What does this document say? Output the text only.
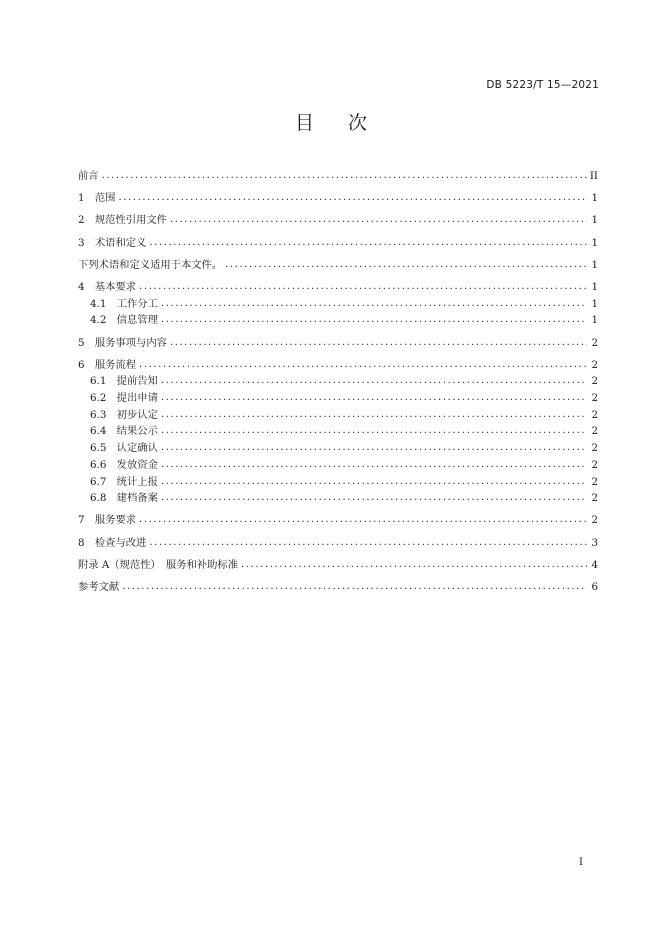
DB 5223/T 15—2021
目次
前言 .....	II
1　范围 .....	1
2　规范性引用文件 .....	1
3　术语和定义 .....	1
下列术语和定义适用于本文件。 .....	1
4　基本要求 .....	1
4.1　工作分工 .....	1
4.2　信息管理 .....	1
5　服务事项与内容 .....	2
6　服务流程 .....	2
6.1　提前告知 .....	2
6.2　提出申请 .....	2
6.3　初步认定 .....	2
6.4　结果公示 .....	2
6.5　认定确认 .....	2
6.6　发放资金 .....	2
6.7　统计上报 .....	2
6.8　建档备案 .....	2
7　服务要求 .....	2
8　检查与改进 .....	3
附录 A（规范性）　服务和补助标准 .....	4
参考文献 .....	6
I
